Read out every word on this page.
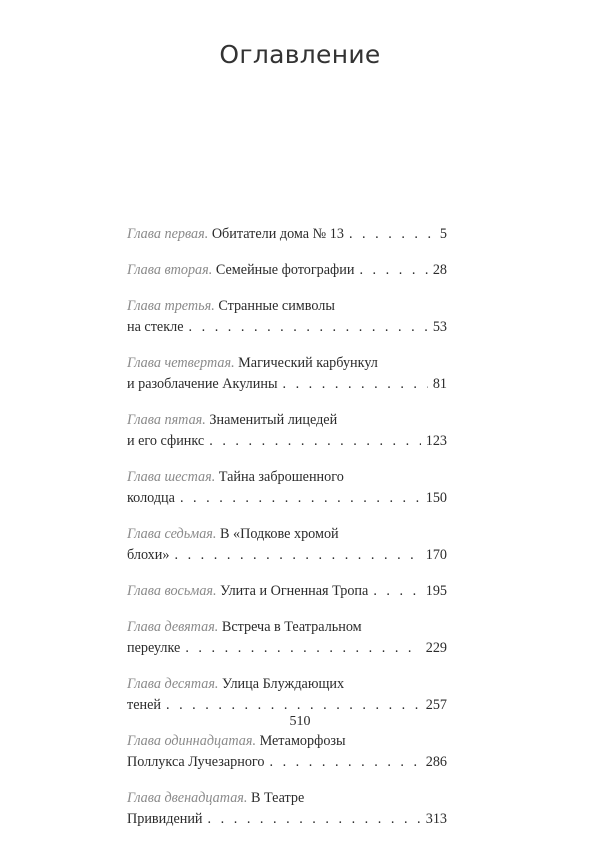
Оглавление
Глава первая.
Обитатели дома № 13 . . .	5
Глава вторая.
Семейные фотографии . . .	28
Глава третья.
Странные символы
на стекле . . .	53
Глава четвертая.
Магический карбункул
и разоблачение Акулины . . .	81
Глава пятая.
Знаменитый лицедей
и его сфинкс . . .	123
Глава шестая.
Тайна заброшенного
колодца . . .	150
Глава седьмая.
В «Подкове хромой
блохи» . . .	170
Глава восьмая.
Улита и Огненная Тропа . . .	195
Глава девятая.
Встреча в Театральном
переулке . . .	229
Глава десятая.
Улица Блуждающих
теней . . .	257
Глава одиннадцатая.
Метаморфозы
Поллукса Лучезарного . . .	286
Глава двенадцатая.
В Театре
Привидений . . .	313
510
